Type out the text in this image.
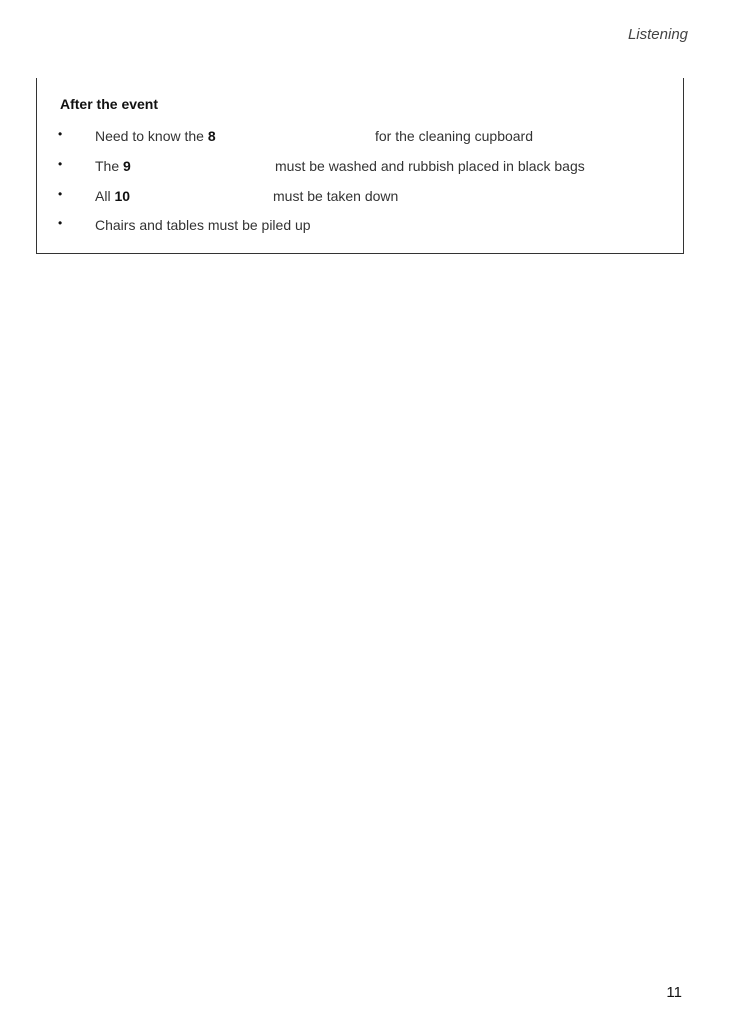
Listening
After the event
• Need to know the 8	for the cleaning cupboard
• The 9	must be washed and rubbish placed in black bags
• All 10	must be taken down
• Chairs and tables must be piled up
11
